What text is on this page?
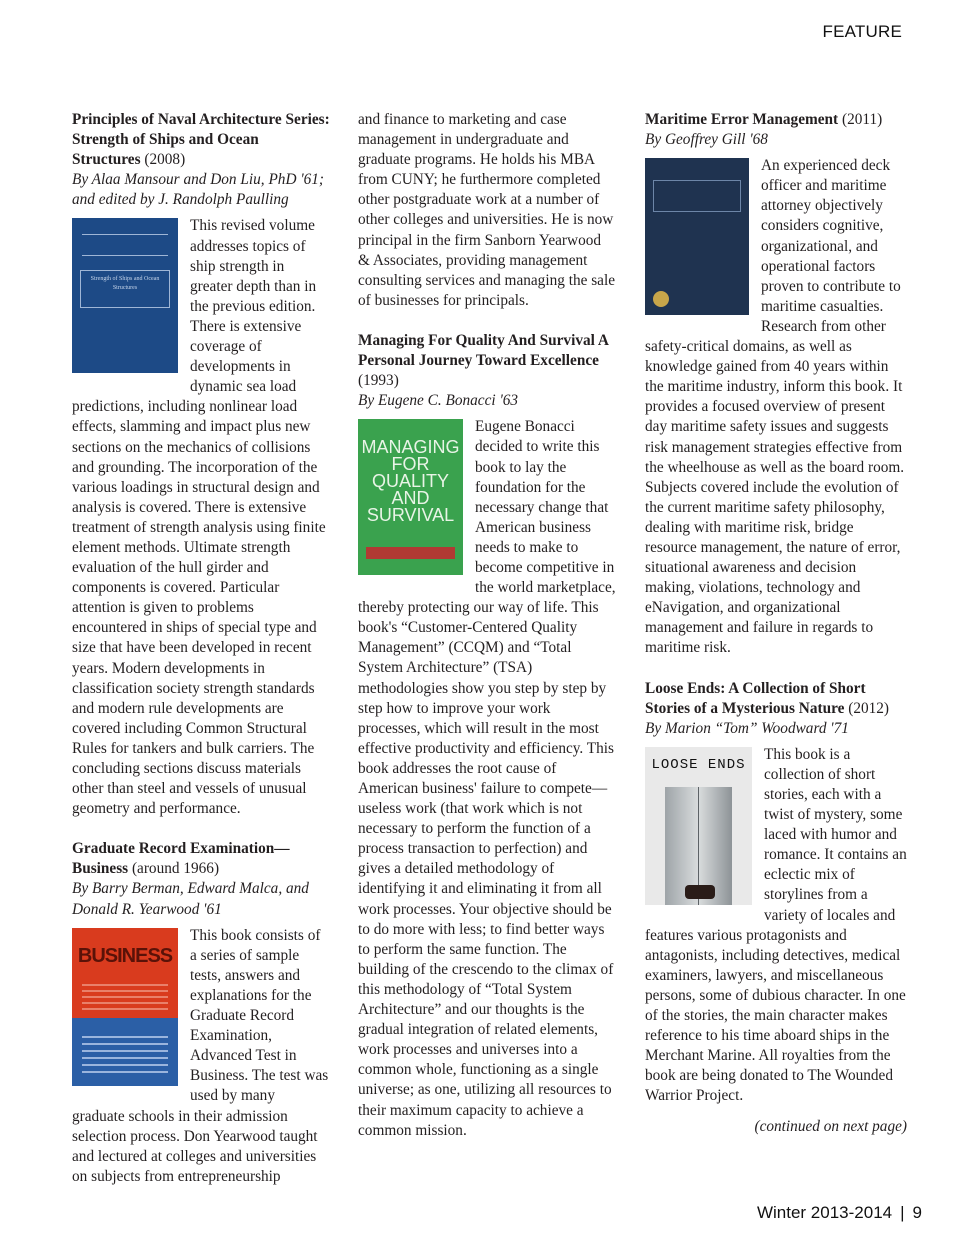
FEATURE

Principles of Naval Architecture Series: Strength of Ships and Ocean Structures (2008)

By Alaa Mansour and Don Liu, PhD '61; and edited by J. Randolph Paulling

Strength of Ships and Ocean Structures

This revised volume addresses topics of ship strength in greater depth than in the previous edition. There is extensive coverage of developments in dynamic sea load predictions, including nonlinear load effects, slamming and impact plus new sections on the mechanics of collisions and grounding. The incorporation of the various loadings in structural design and analysis is covered. There is extensive treatment of strength analysis using finite element methods. Ultimate strength evaluation of the hull girder and components is covered. Particular attention is given to problems encountered in ships of special type and size that have been developed in recent years. Modern developments in classification society strength standards and modern rule developments are covered including Common Structural Rules for tankers and bulk carriers. The concluding sections discuss materials other than steel and vessels of unusual geometry and performance.

Graduate Record Examination—Business (around 1966)

By Barry Berman, Edward Malca, and Donald R. Yearwood '61

BUSINESS

This book consists of a series of sample tests, answers and explanations for the Graduate Record Examination, Advanced Test in Business. The test was used by many graduate schools in their admission selection process. Don Yearwood taught and lectured at colleges and universities on subjects from entrepreneurship

and finance to marketing and case management in undergraduate and graduate programs. He holds his MBA from CUNY; he furthermore completed other postgraduate work at a number of other colleges and universities. He is now principal in the firm Sanborn Yearwood & Associates, providing management consulting services and managing the sale of businesses for principals.

Managing For Quality And Survival A Personal Journey Toward Excellence (1993)

By Eugene C. Bonacci '63

MANAGING FOR QUALITY AND SURVIVAL

Eugene Bonacci decided to write this book to lay the foundation for the necessary change that American business needs to make to become competitive in the world marketplace, thereby protecting our way of life. This book's “Customer-Centered Quality Management” (CCQM) and “Total System Architecture” (TSA) methodologies show you step by step by step how to improve your work processes, which will result in the most effective productivity and efficiency. This book addresses the root cause of American business' failure to compete—useless work (that work which is not necessary to perform the function of a process transaction to perfection) and gives a detailed methodology of identifying it and eliminating it from all work processes. Your objective should be to do more with less; to find better ways to perform the same function. The building of the crescendo to the climax of this methodology of “Total System Architecture” and our thoughts is the gradual integration of related elements, work processes and universes into a common whole, functioning as a single universe; as one, utilizing all resources to their maximum capacity to achieve a common mission.

Maritime Error Management (2011)

By Geoffrey Gill '68

An experienced deck officer and maritime attorney objectively considers cognitive, organizational, and operational factors proven to contribute to maritime casualties. Research from other safety-critical domains, as well as knowledge gained from 40 years within the maritime industry, inform this book. It provides a focused overview of present day maritime safety issues and suggests risk management strategies effective from the wheelhouse as well as the board room. Subjects covered include the evolution of the current maritime safety philosophy, dealing with maritime risk, bridge resource management, the nature of error, situational awareness and decision making, violations, technology and eNavigation, and organizational management and failure in regards to maritime risk.

Loose Ends: A Collection of Short Stories of a Mysterious Nature (2012)

By Marion “Tom” Woodward '71

LOOSE ENDS

This book is a collection of short stories, each with a twist of mystery, some laced with humor and romance. It contains an eclectic mix of storylines from a variety of locales and features various protagonists and antagonists, including detectives, medical examiners, lawyers, and miscellaneous persons, some of dubious character. In one of the stories, the main character makes reference to his time aboard ships in the Merchant Marine. All royalties from the book are being donated to The Wounded Warrior Project.

(continued on next page)

Winter 2013-2014 | 9
